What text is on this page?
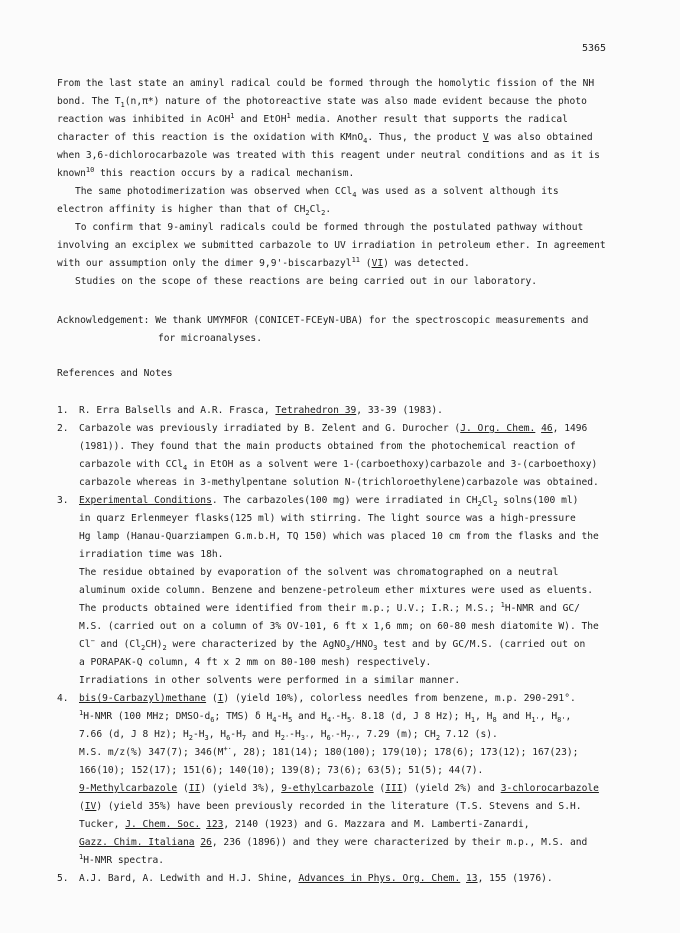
5365
From the last state an aminyl radical could be formed through the homolytic fission of the NH
bond. The $T_1(n,\pi*)$ nature of the photoreactive state was also made evident because the photo
reaction was inhibited in AcOH$^1$ and EtOH$^1$ media. Another result that supports the radical
character of this reaction is the oxidation with KMnO$_4$. Thus, the product V was also obtained
when 3,6-dichlorocarbazole was treated with this reagent under neutral conditions and as it is
known$^{10}$ this reaction occurs by a radical mechanism.
The same photodimerization was observed when CCl$_4$ was used as a solvent although its
electron affinity is higher than that of $CH_2Cl_2$.
To confirm that 9-aminyl radicals could be formed through the postulated pathway without
involving an exciplex we submitted carbazole to UV irradiation in petroleum ether. In agreement
with our assumption only the dimer 9,9'-biscarbazyl$^{11}$ (VI) was detected.
Studies on the scope of these reactions are being carried out in our laboratory.
Acknowledgement: We thank UMYMFOR (CONICET-FCEyN-UBA) for the spectroscopic measurements and
for microanalyses.
References and Notes
1. R. Erra Balsells and A.R. Frasca, Tetrahedron 39, 33-39 (1983).
2. Carbazole was previously irradiated by B. Zelent and G. Durocher (J. Org. Chem. 46, 1496
(1981)). They found that the main products obtained from the photochemical reaction of
carbazole with CCl$_4$ in EtOH as a solvent were 1-(carboethoxy)carbazole and 3-(carboethoxy)
carbazole whereas in 3-methylpentane solution N-(trichloroethylene)carbazole was obtained.
3. Experimental Conditions. The carbazoles(100 mg) were irradiated in $CH_2Cl_2$ solns(100 ml)
in quarz Erlenmeyer flasks(125 ml) with stirring. The light source was a high-pressure
Hg lamp (Hanau-Quarziampen G.m.b.H, TQ 150) which was placed 10 cm from the flasks and the
irradiation time was 18h.
The residue obtained by evaporation of the solvent was chromatographed on a neutral
aluminum oxide column. Benzene and benzene-petroleum ether mixtures were used as eluents.
The products obtained were identified from their m.p.; U.V.; I.R.; M.S.; $^1$H-NMR and GC/
M.S. (carried out on a column of 3% OV-101, 6 ft x 1,6 mm; on 60-80 mesh diatomite W). The
Cl− and $(Cl_2CH)_2$ were characterized by the $AgNO_3/HNO_3$ test and by GC/M.S. (carried out on
a PORAPAK-Q column, 4 ft x 2 mm on 80-100 mesh) respectively.
Irradiations in other solvents were performed in a similar manner.
4. bis(9-Carbazyl)methane (I) (yield 10%), colorless needles from benzene, m.p. 290-291°.
$^1$H-NMR (100 MHz; DMSO-$d_6$; TMS) δ $H_4-H_5$ and $H_{4'}-H_{5'}$ 8.18 (d, J 8 Hz); $H_1$, $H_8$ and $H_{1'}$, $H_{8'}$,
7.66 (d, J 8 Hz); $H_2-H_3$, $H_6-H_7$ and $H_{2'}-H_{3'}$, $H_{6'}-H_{7'}$, 7.29 (m); $CH_2$ 7.12 (s).
M.S. m/z(%) 347(7); 346(M+·, 28); 181(14); 180(100); 179(10); 178(6); 173(12); 167(23);
166(10); 152(17); 151(6); 140(10); 139(8); 73(6); 63(5); 51(5); 44(7).
9-Methylcarbazole (II) (yield 3%), 9-ethylcarbazole (III) (yield 2%) and 3-chlorocarbazole
(IV) (yield 35%) have been previously recorded in the literature (T.S. Stevens and S.H.
Tucker, J. Chem. Soc. 123, 2140 (1923) and G. Mazzara and M. Lamberti-Zanardi,
Gazz. Chim. Italiana 26, 236 (1896)) and they were characterized by their m.p., M.S. and
$^1$H-NMR spectra.
5. A.J. Bard, A. Ledwith and H.J. Shine, Advances in Phys. Org. Chem. 13, 155 (1976).
